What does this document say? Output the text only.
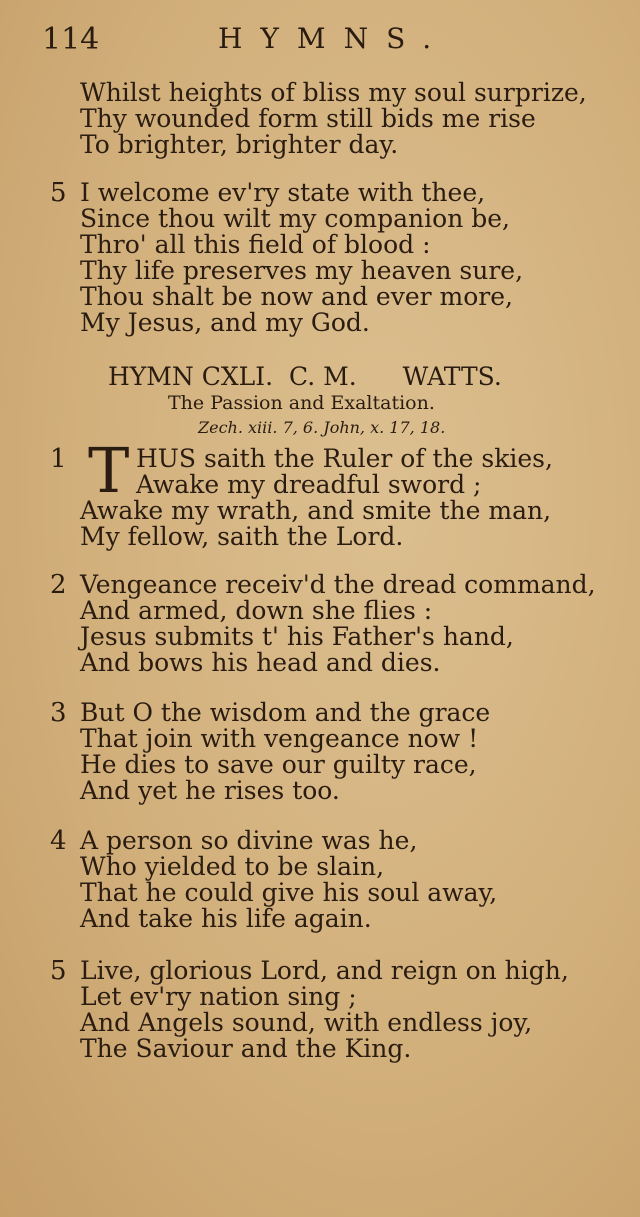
114	HYMNS.
Whilst heights of bliss my soul surprize,
Thy wounded form still bids me rise
To brighter, brighter day.
5 I welcome ev'ry state with thee,
Since thou wilt my companion be,
Thro' all this field of blood :
Thy life preserves my heaven sure,
Thou shalt be now and ever more,
My Jesus, and my God.
HYMN CXLI. C. M. WATTS.
The Passion and Exaltation.
Zech. xiii. 7, 6. John, x. 17, 18.
1 T HUS saith the Ruler of the skies,
Awake my dreadful sword ;
Awake my wrath, and smite the man,
My fellow, saith the Lord.
2 Vengeance receiv'd the dread command,
And armed, down she flies :
Jesus submits t' his Father's hand,
And bows his head and dies.
3 But O the wisdom and the grace
That join with vengeance now !
He dies to save our guilty race,
And yet he rises too.
4 A person so divine was he,
Who yielded to be slain,
That he could give his soul away,
And take his life again.
5 Live, glorious Lord, and reign on high,
Let ev'ry nation sing ;
And Angels sound, with endless joy,
The Saviour and the King.
